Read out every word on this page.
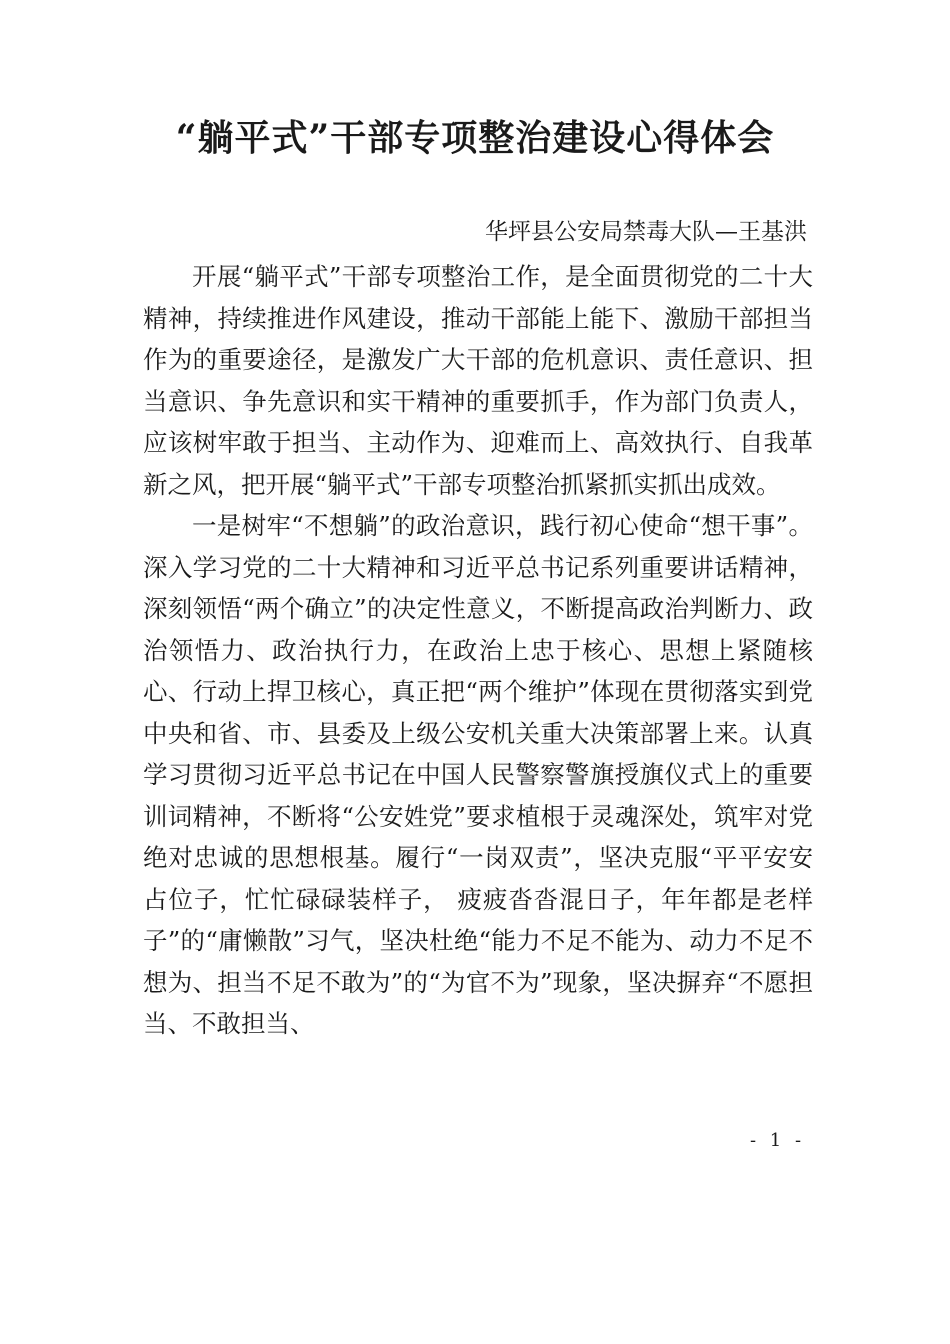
“躺平式”干部专项整治建设心得体会

华坪县公安局禁毒大队—王基洪

开展“躺平式”干部专项整治工作，是全面贯彻党的二十大精神，持续推进作风建设，推动干部能上能下、激励干部担当作为的重要途径，是激发广大干部的危机意识、责任意识、担当意识、争先意识和实干精神的重要抓手，作为部门负责人，应该树牢敢于担当、主动作为、迎难而上、高效执行、自我革新之风，把开展“躺平式”干部专项整治抓紧抓实抓出成效。

一是树牢“不想躺”的政治意识，践行初心使命“想干事”。深入学习党的二十大精神和习近平总书记系列重要讲话精神，深刻领悟“两个确立”的决定性意义，不断提高政治判断力、政治领悟力、政治执行力，在政治上忠于核心、思想上紧随核心、行动上捍卫核心，真正把“两个维护”体现在贯彻落实到党中央和省、市、县委及上级公安机关重大决策部署上来。认真学习贯彻习近平总书记在中国人民警察警旗授旗仪式上的重要训词精神，不断将“公安姓党”要求植根于灵魂深处，筑牢对党绝对忠诚的思想根基。履行“一岗双责”，坚决克服“平平安安占位子，忙忙碌碌装样子， 疲疲沓沓混日子，年年都是老样子”的“庸懒散”习气，坚决杜绝“能力不足不能为、动力不足不想为、担当不足不敢为”的“为官不为”现象，坚决摒弃“不愿担当、不敢担当、

- 1 -
